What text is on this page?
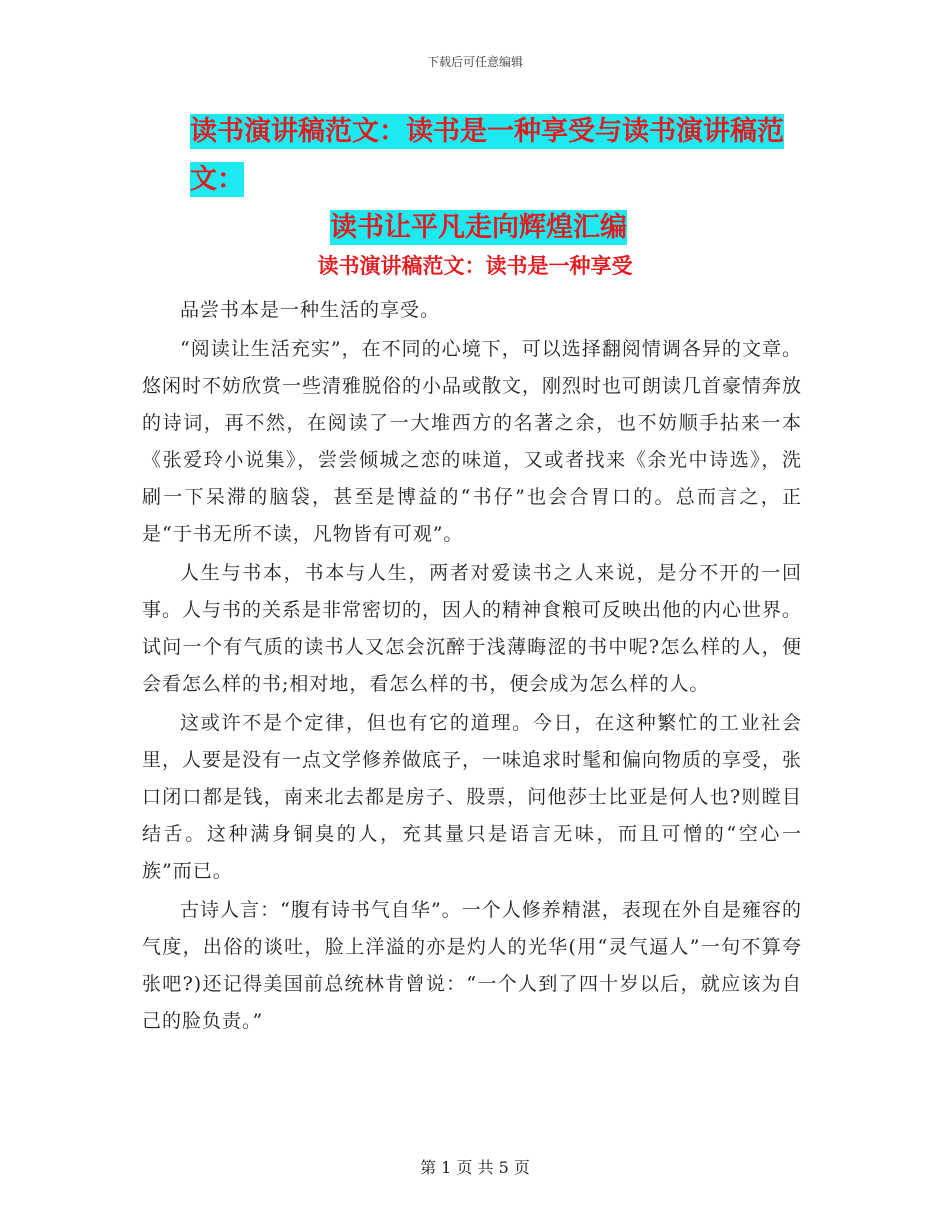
下载后可任意编辑
读书演讲稿范文：读书是一种享受与读书演讲稿范文：
读书让平凡走向辉煌汇编
读书演讲稿范文：读书是一种享受

品尝书本是一种生活的享受。

“阅读让生活充实”，在不同的心境下，可以选择翻阅情调各异的文章。悠闲时不妨欣赏一些清雅脱俗的小品或散文，刚烈时也可朗读几首豪情奔放的诗词，再不然，在阅读了一大堆西方的名著之余，也不妨顺手拈来一本《张爱玲小说集》，尝尝倾城之恋的味道，又或者找来《余光中诗选》，洗刷一下呆滞的脑袋，甚至是博益的“书仔”也会合胃口的。总而言之，正是“于书无所不读，凡物皆有可观”。

人生与书本，书本与人生，两者对爱读书之人来说，是分不开的一回事。人与书的关系是非常密切的，因人的精神食粮可反映出他的内心世界。试问一个有气质的读书人又怎会沉醉于浅薄晦涩的书中呢?怎么样的人，便会看怎么样的书;相对地，看怎么样的书，便会成为怎么样的人。

这或许不是个定律，但也有它的道理。今日，在这种繁忙的工业社会里，人要是没有一点文学修养做底子，一味追求时髦和偏向物质的享受，张口闭口都是钱，南来北去都是房子、股票，问他莎士比亚是何人也?则瞠目结舌。这种满身铜臭的人，充其量只是语言无味，而且可憎的“空心一族”而已。

古诗人言：“腹有诗书气自华”。一个人修养精湛，表现在外自是雍容的气度，出俗的谈吐，脸上洋溢的亦是灼人的光华(用“灵气逼人”一句不算夸张吧?)还记得美国前总统林肯曾说：“一个人到了四十岁以后，就应该为自己的脸负责。”

第 1 页 共 5 页
